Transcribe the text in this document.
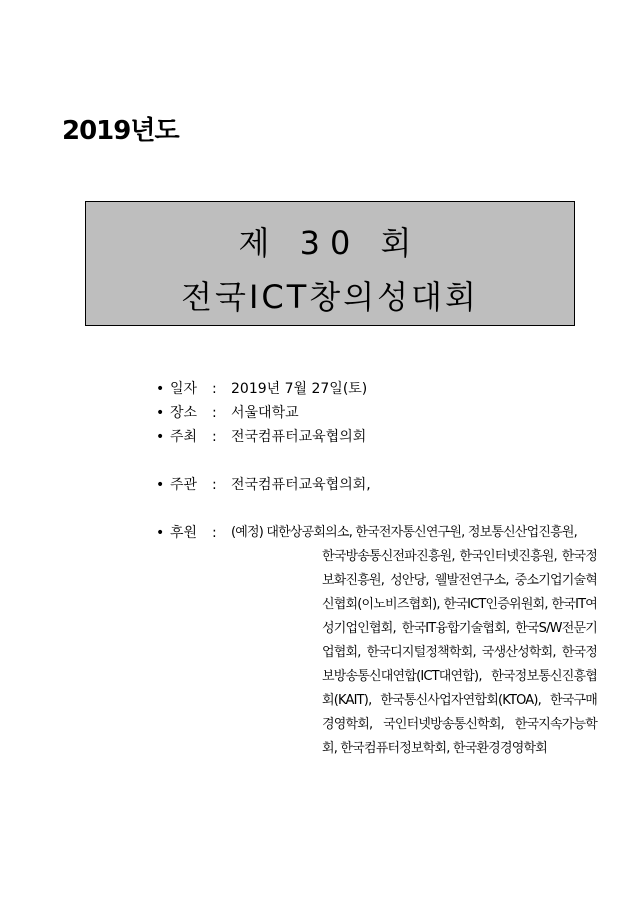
2019년도
제 30 회
전국ICT창의성대회
• 일자 : 2019년 7월 27일(토)
• 장소 : 서울대학교
• 주최 : 전국컴퓨터교육협의회
• 주관 : 전국컴퓨터교육협의회,
• 후원 : (예정) 대한상공회의소, 한국전자통신연구원, 정보통신산업진흥원,
한국방송통신전파진흥원, 한국인터넷진흥원, 한국정보화진흥원, 성안당, 웰발전연구소, 중소기업기술혁신협회(이노비즈협회), 한국ICT인증위원회, 한국IT여성기업인협회, 한국IT융합기술협회, 한국S/W전문기업협회, 한국디지털정책학회, 국생산성학회, 한국정보방송통신대연합(ICT대연합), 한국정보통신진흥협회(KAIT), 한국통신사업자연합회(KTOA), 한국구매경영학회, 국인터넷방송통신학회, 한국지속가능학회, 한국컴퓨터정보학회, 한국환경경영학회
